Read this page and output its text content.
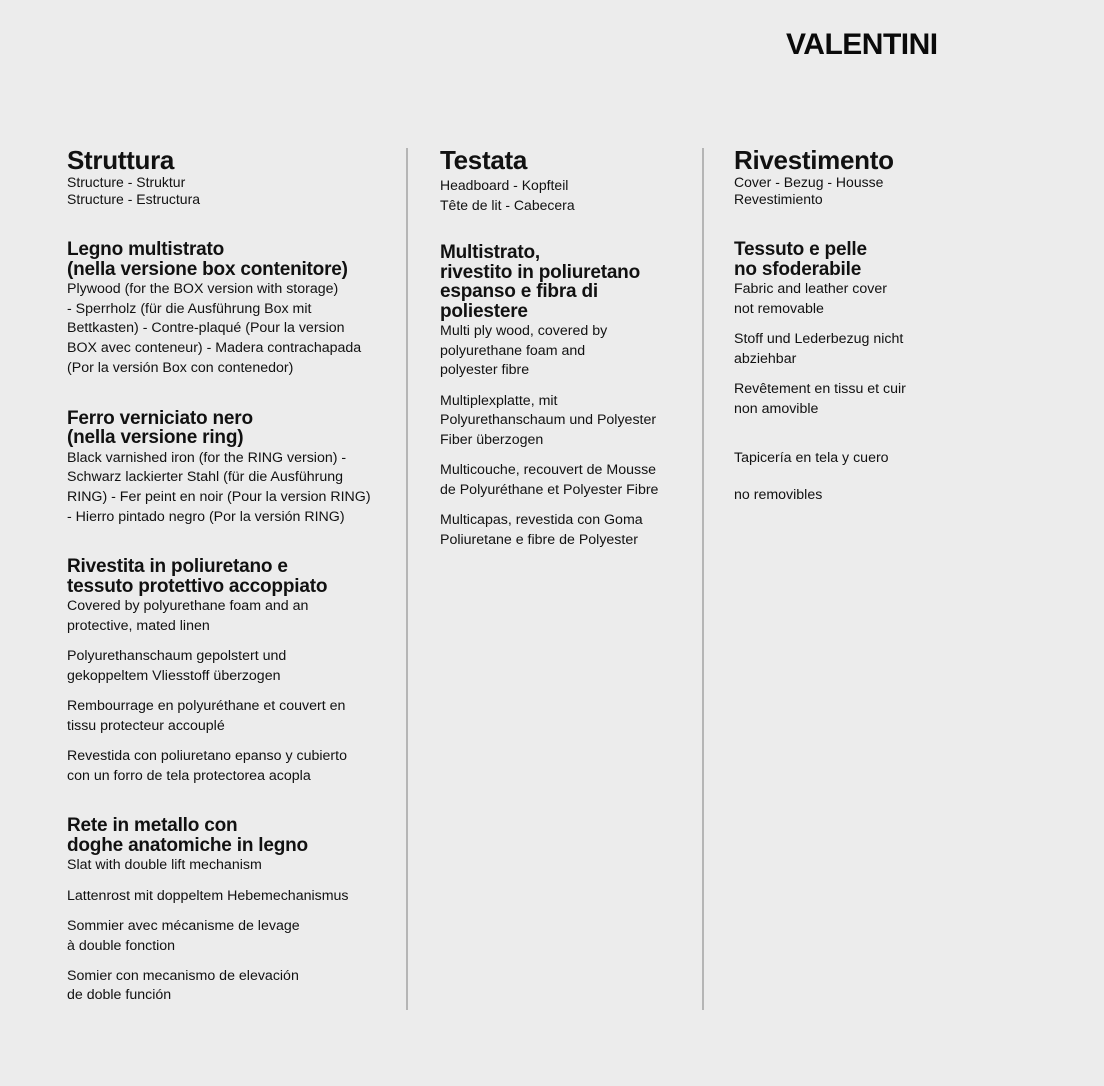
VALENTINI
Struttura

Structure - Struktur
Structure - Estructura

Legno multistrato
(nella versione box contenitore)

Plywood (for the BOX version with storage)
- Sperrholz (für die Ausführung Box mit
Bettkasten) - Contre-plaqué (Pour la version
BOX avec conteneur) - Madera contrachapada
(Por la versión Box con contenedor)

Ferro verniciato nero
(nella versione ring)

Black varnished iron (for the RING version) -
Schwarz lackierter Stahl (für die Ausführung
RING) - Fer peint en noir (Pour la version RING)
- Hierro pintado negro (Por la versión RING)

Rivestita in poliuretano e
tessuto protettivo accoppiato

Covered by polyurethane foam and an
protective, mated linen

Polyurethanschaum gepolstert und
gekoppeltem Vliesstoff überzogen

Rembourrage en polyuréthane et couvert en
tissu protecteur accouplé

Revestida con poliuretano epanso y cubierto
con un forro de tela protectorea acopla

Rete in metallo con
doghe anatomiche in legno

Slat with double lift mechanism

Lattenrost mit doppeltem Hebemechanismus

Sommier avec mécanisme de levage
à double fonction

Somier con mecanismo de elevación
de doble función

Testata

Headboard - Kopfteil
Tête de lit - Cabecera

Multistrato,
rivestito in poliuretano
espanso e fibra di
poliestere

Multi ply wood, covered by
polyurethane foam and
polyester fibre

Multiplexplatte, mit
Polyurethanschaum und Polyester
Fiber überzogen

Multicouche, recouvert de Mousse
de Polyuréthane et Polyester Fibre

Multicapas, revestida con Goma
Poliuretane e fibre de Polyester

Rivestimento

Cover - Bezug - Housse
Revestimiento

Tessuto e pelle
no sfoderabile

Fabric and leather cover
not removable

Stoff und Lederbezug nicht
abziehbar

Revêtement en tissu et cuir
non amovible

Tapicería en tela y cuero

no removibles
